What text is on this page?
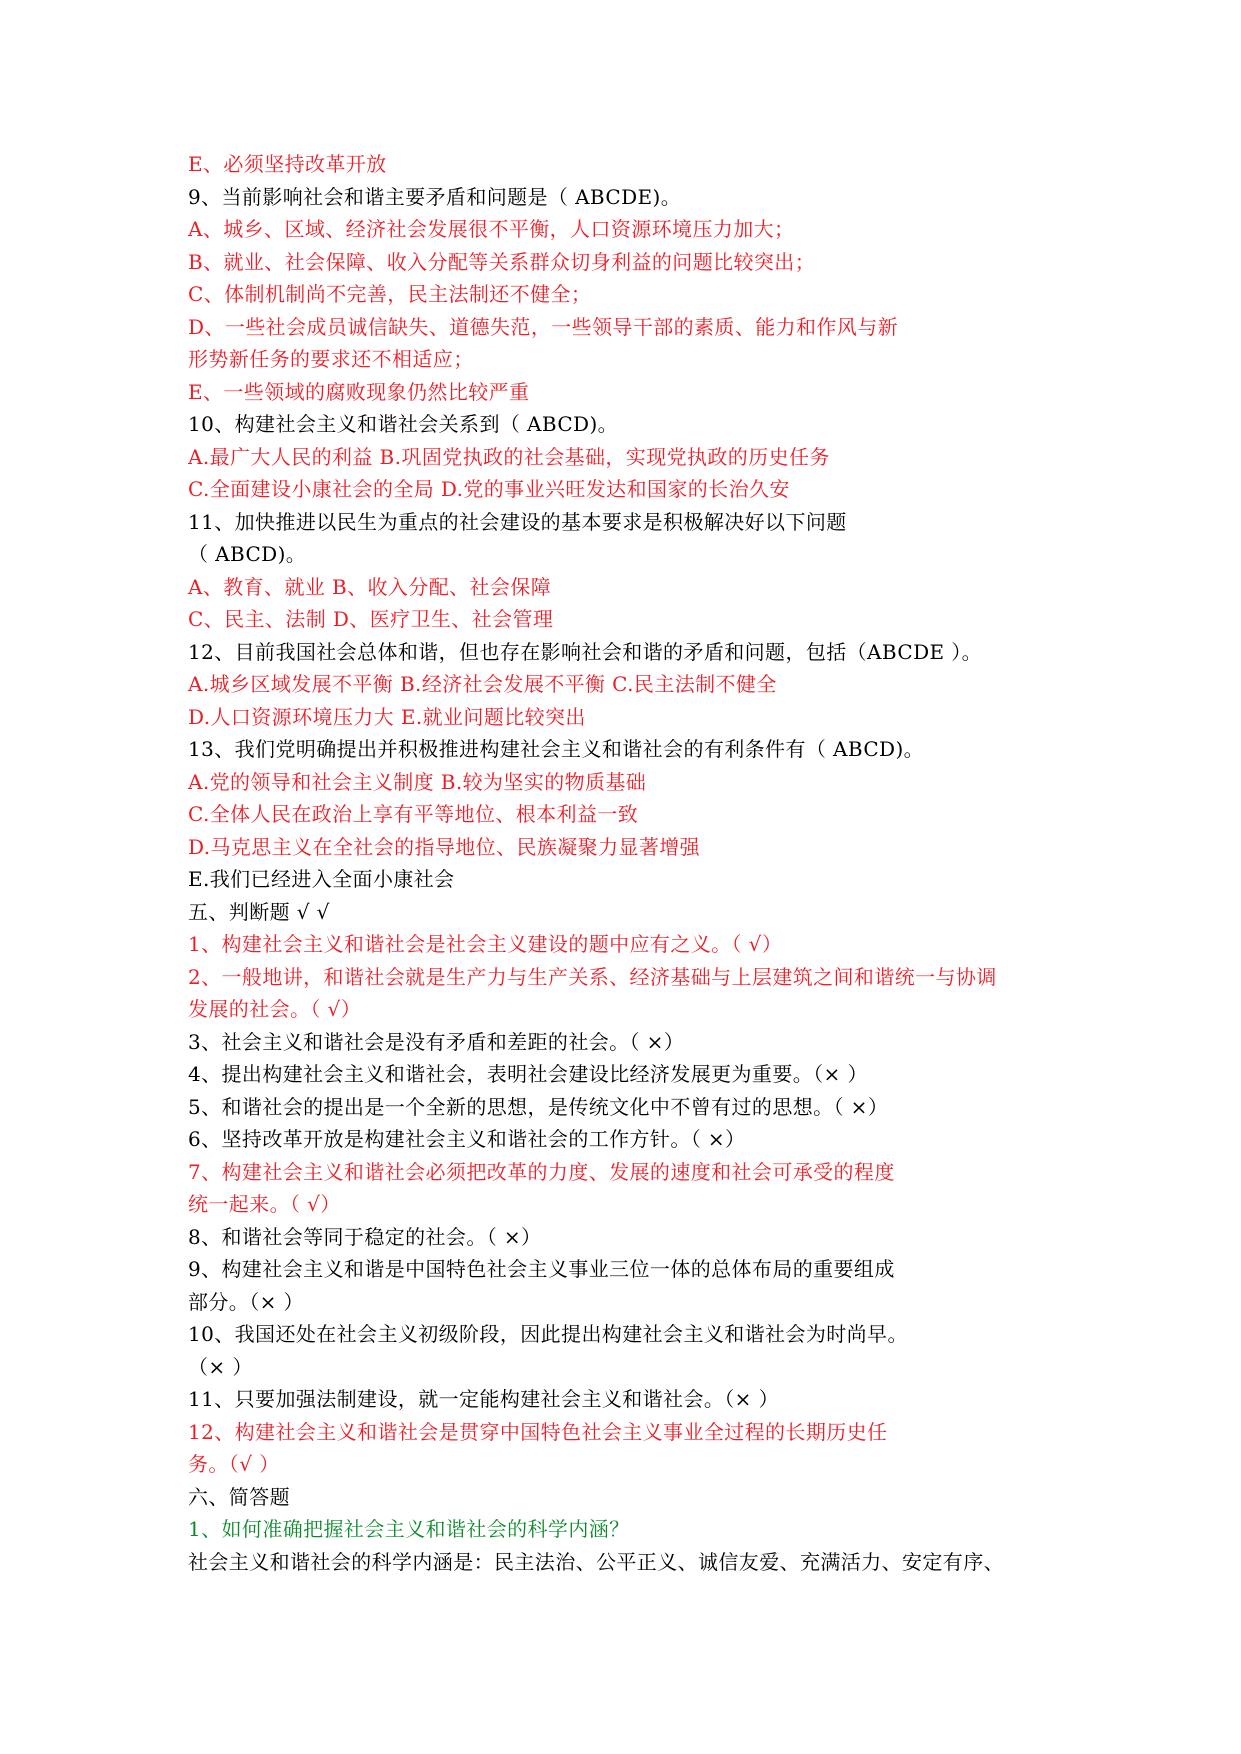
E、必须坚持改革开放
9、当前影响社会和谐主要矛盾和问题是（ ABCDE)。
A、城乡、区域、经济社会发展很不平衡，人口资源环境压力加大；
B、就业、社会保障、收入分配等关系群众切身利益的问题比较突出；
C、体制机制尚不完善，民主法制还不健全；
D、一些社会成员诚信缺失、道德失范，一些领导干部的素质、能力和作风与新
形势新任务的要求还不相适应；
E、一些领域的腐败现象仍然比较严重
10、构建社会主义和谐社会关系到（ ABCD)。
A.最广大人民的利益 B.巩固党执政的社会基础，实现党执政的历史任务
C.全面建设小康社会的全局 D.党的事业兴旺发达和国家的长治久安
11、加快推进以民生为重点的社会建设的基本要求是积极解决好以下问题
（ ABCD)。
A、教育、就业 B、收入分配、社会保障
C、民主、法制 D、医疗卫生、社会管理
12、目前我国社会总体和谐，但也存在影响社会和谐的矛盾和问题，包括（ABCDE ）。
A.城乡区域发展不平衡 B.经济社会发展不平衡 C.民主法制不健全
D.人口资源环境压力大 E.就业问题比较突出
13、我们党明确提出并积极推进构建社会主义和谐社会的有利条件有（ ABCD)。
A.党的领导和社会主义制度 B.较为坚实的物质基础
C.全体人民在政治上享有平等地位、根本利益一致
D.马克思主义在全社会的指导地位、民族凝聚力显著增强
E.我们已经进入全面小康社会
五、判断题 √ √
1、构建社会主义和谐社会是社会主义建设的题中应有之义。（ √）
2、一般地讲，和谐社会就是生产力与生产关系、经济基础与上层建筑之间和谐统一与协调
发展的社会。（ √）
3、社会主义和谐社会是没有矛盾和差距的社会。（ ×）
4、提出构建社会主义和谐社会，表明社会建设比经济发展更为重要。（× ）
5、和谐社会的提出是一个全新的思想，是传统文化中不曾有过的思想。（ ×）
6、坚持改革开放是构建社会主义和谐社会的工作方针。（ ×）
7、构建社会主义和谐社会必须把改革的力度、发展的速度和社会可承受的程度
统一起来。（ √）
8、和谐社会等同于稳定的社会。（ ×）
9、构建社会主义和谐是中国特色社会主义事业三位一体的总体布局的重要组成
部分。（× ）
10、我国还处在社会主义初级阶段，因此提出构建社会主义和谐社会为时尚早。
（× ）
11、只要加强法制建设，就一定能构建社会主义和谐社会。（× ）
12、构建社会主义和谐社会是贯穿中国特色社会主义事业全过程的长期历史任
务。（√ ）
六、简答题
1、如何准确把握社会主义和谐社会的科学内涵？
社会主义和谐社会的科学内涵是：民主法治、公平正义、诚信友爱、充满活力、安定有序、
